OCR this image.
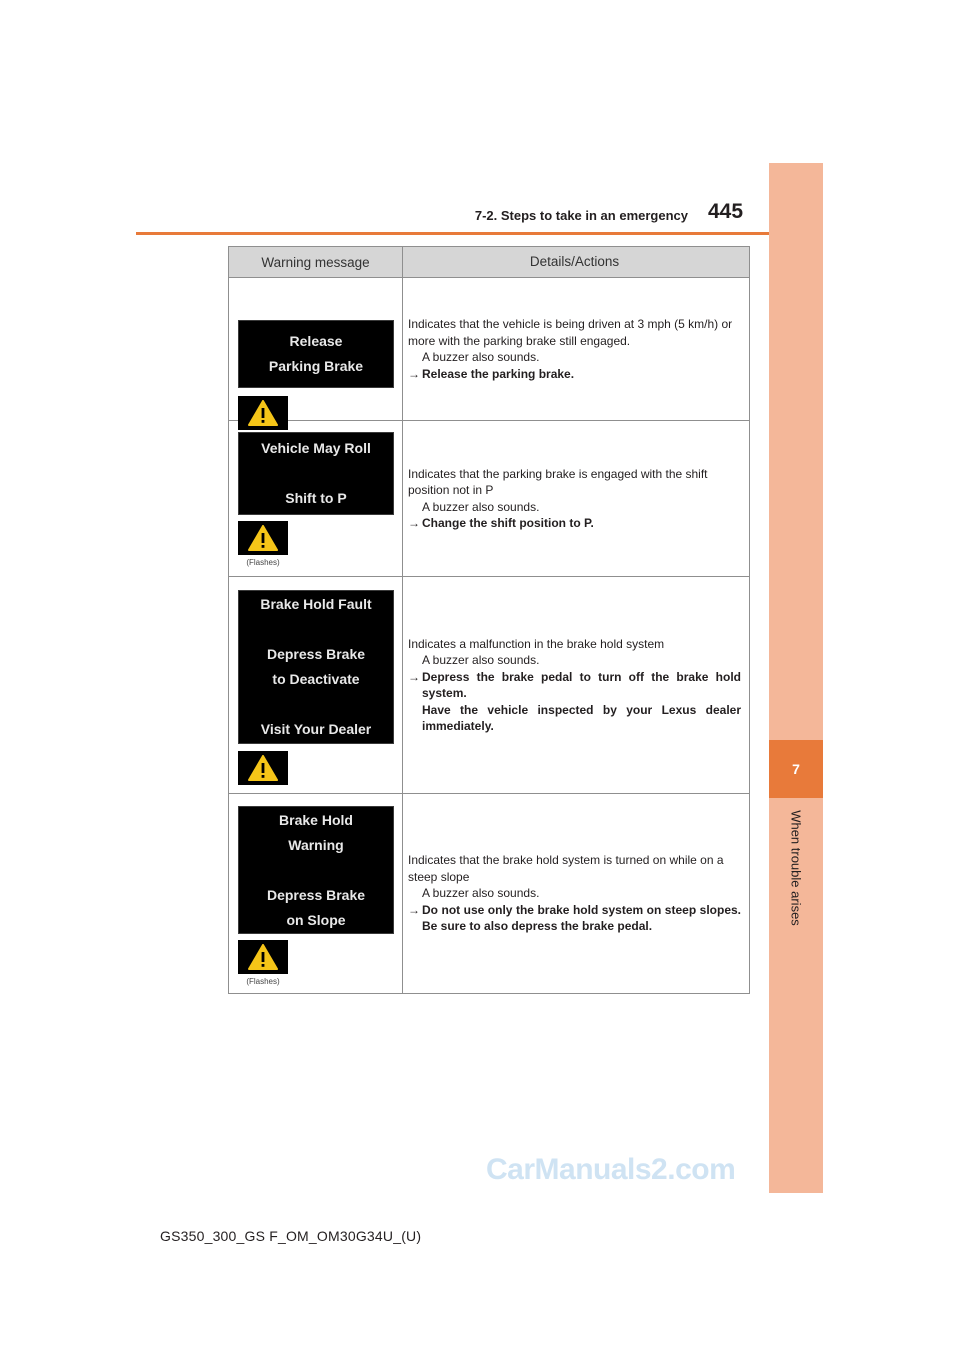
7-2. Steps to take in an emergency 445
7
When trouble arises
Warning message	Details/Actions
Release
Parking Brake

Indicates that the vehicle is being driven at 3 mph (5 km/h) or more with the parking brake still engaged.

A buzzer also sounds.

→ Release the parking brake.
Vehicle May Roll
Shift to P
(Flashes)

Indicates that the parking brake is engaged with the shift position not in P

A buzzer also sounds.

→ Change the shift position to P.
Brake Hold Fault
Depress Brake
to Deactivate
Visit Your Dealer

Indicates a malfunction in the brake hold system

A buzzer also sounds.

→ Depress the brake pedal to turn off the brake hold system.
Have the vehicle inspected by your Lexus dealer immediately.
Brake Hold
Warning
Depress Brake
on Slope
(Flashes)

Indicates that the brake hold system is turned on while on a steep slope

A buzzer also sounds.

→ Do not use only the brake hold system on steep slopes. Be sure to also depress the brake pedal.
CarManuals2.com
GS350_300_GS F_OM_OM30G34U_(U)
